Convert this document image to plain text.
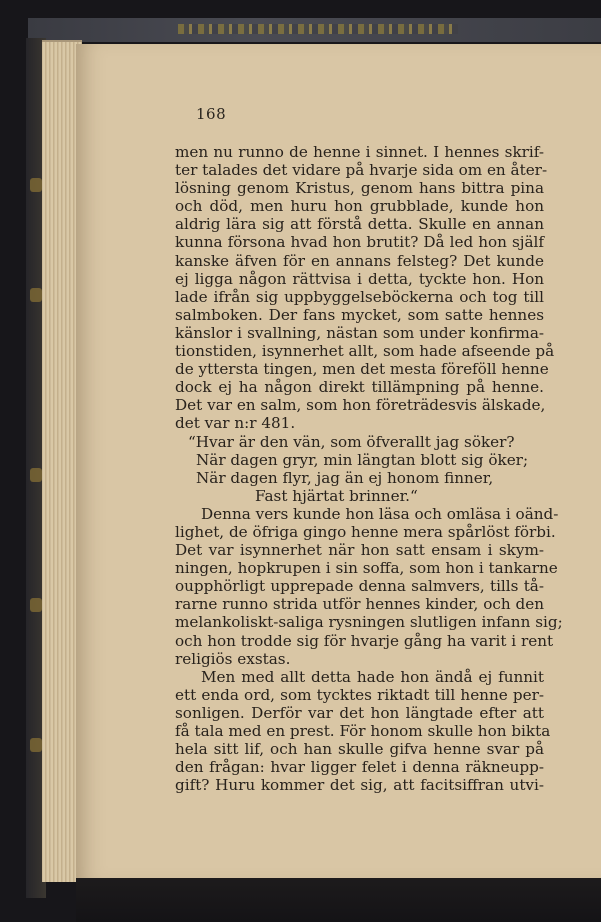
168
men nu runno de henne i sinnet. I hennes skrif-
ter talades det vidare på hvarje sida om en åter-
lösning genom Kristus, genom hans bittra pina
och död, men huru hon grubblade, kunde hon
aldrig lära sig att förstå detta. Skulle en annan
kunna försona hvad hon brutit? Då led hon själf
kanske äfven för en annans felsteg? Det kunde
ej ligga någon rättvisa i detta, tyckte hon. Hon
lade ifrån sig uppbyggelseböckerna och tog till
salmboken. Der fans mycket, som satte hennes
känslor i svallning, nästan som under konfirma-
tionstiden, isynnerhet allt, som hade afseende på
de yttersta tingen, men det mesta föreföll henne
dock ej ha någon direkt tillämpning på henne.
Det var en salm, som hon företrädesvis älskade,
det var n:r 481.
“Hvar är den vän, som öfverallt jag söker?
När dagen gryr, min längtan blott sig öker;
När dagen flyr, jag än ej honom finner,
Fast hjärtat brinner.“
Denna vers kunde hon läsa och omläsa i oänd-
lighet, de öfriga gingo henne mera spårlöst förbi.
Det var isynnerhet när hon satt ensam i skym-
ningen, hopkrupen i sin soffa, som hon i tankarne
oupphörligt upprepade denna salmvers, tills tå-
rarne runno strida utför hennes kinder, och den
melankoliskt-saliga rysningen slutligen infann sig;
och hon trodde sig för hvarje gång ha varit i rent
religiös exstas.
Men med allt detta hade hon ändå ej funnit
ett enda ord, som tycktes riktadt till henne per-
sonligen. Derför var det hon längtade efter att
få tala med en prest. För honom skulle hon bikta
hela sitt lif, och han skulle gifva henne svar på
den frågan: hvar ligger felet i denna räkneupp-
gift? Huru kommer det sig, att facitsiffran utvi-
